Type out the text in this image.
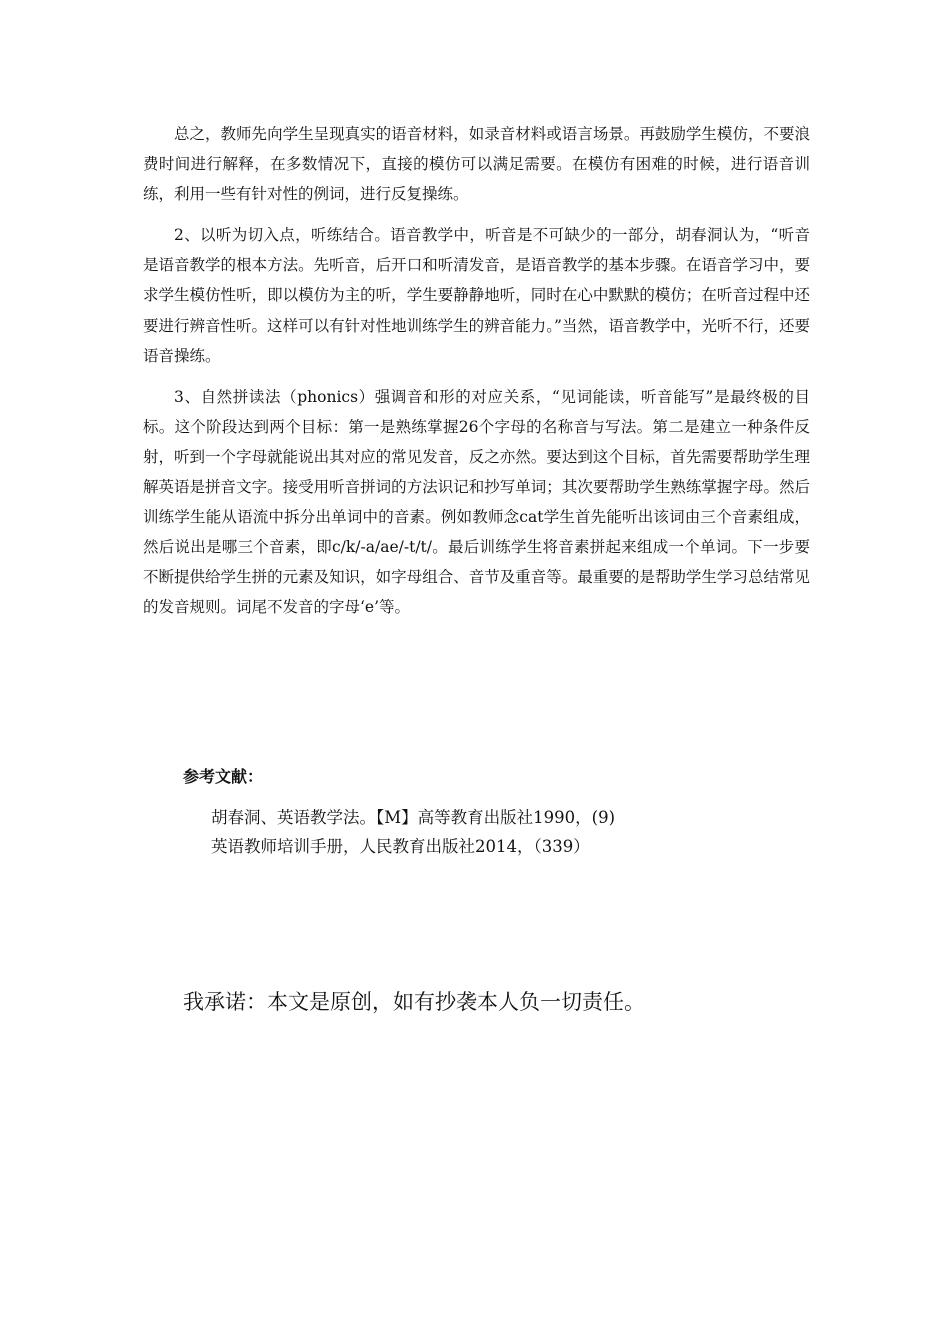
总之，教师先向学生呈现真实的语音材料，如录音材料或语言场景。再鼓励学生模仿，不要浪费时间进行解释，在多数情况下，直接的模仿可以满足需要。在模仿有困难的时候，进行语音训练，利用一些有针对性的例词，进行反复操练。

2、以听为切入点，听练结合。语音教学中，听音是不可缺少的一部分，胡春洞认为，“听音是语音教学的根本方法。先听音，后开口和听清发音，是语音教学的基本步骤。在语音学习中，要求学生模仿性听，即以模仿为主的听，学生要静静地听，同时在心中默默的模仿；在听音过程中还要进行辨音性听。这样可以有针对性地训练学生的辨音能力。”当然，语音教学中，光听不行，还要语音操练。

3、自然拼读法（phonics）强调音和形的对应关系，“见词能读，听音能写”是最终极的目标。这个阶段达到两个目标：第一是熟练掌握26个字母的名称音与写法。第二是建立一种条件反射，听到一个字母就能说出其对应的常见发音，反之亦然。要达到这个目标，首先需要帮助学生理解英语是拼音文字。接受用听音拼词的方法识记和抄写单词；其次要帮助学生熟练掌握字母。然后训练学生能从语流中拆分出单词中的音素。例如教师念cat学生首先能听出该词由三个音素组成，然后说出是哪三个音素，即c/k/-a/ae/-t/t/。最后训练学生将音素拼起来组成一个单词。下一步要不断提供给学生拼的元素及知识，如字母组合、音节及重音等。最重要的是帮助学生学习总结常见的发音规则。词尾不发音的字母‘e’等。

参考文献：
胡春洞、英语教学法。【M】高等教育出版社1990，(9)
英语教师培训手册，人民教育出版社2014，（339）

我承诺：本文是原创，如有抄袭本人负一切责任。
